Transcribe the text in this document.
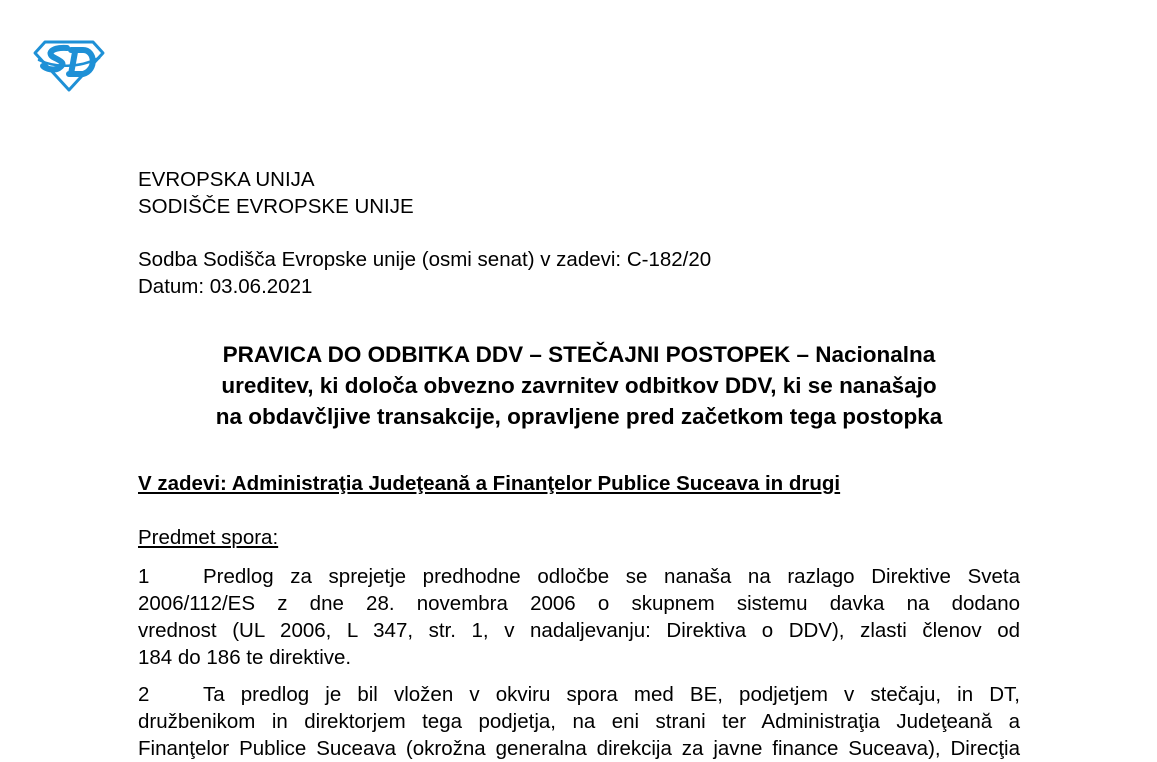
EVROPSKA UNIJA
SODIŠČE EVROPSKE UNIJE
Sodba Sodišča Evropske unije (osmi senat) v zadevi: C-182/20
Datum: 03.06.2021
PRAVICA DO ODBITKA DDV – STEČAJNI POSTOPEK – Nacionalna
ureditev, ki določa obvezno zavrnitev odbitkov DDV, ki se nanašajo
na obdavčljive transakcije, opravljene pred začetkom tega postopka
V zadevi: Administraţia Judeţeană a Finanţelor Publice Suceava in drugi
Predmet spora:
1	Predlog za sprejetje predhodne odločbe se nanaša na razlago Direktive Sveta
2006/112/ES z dne 28. novembra 2006 o skupnem sistemu davka na dodano
vrednost (UL 2006, L 347, str. 1, v nadaljevanju: Direktiva o DDV), zlasti členov od
184 do 186 te direktive.
2	Ta predlog je bil vložen v okviru spora med BE, podjetjem v stečaju, in DT,
družbenikom in direktorjem tega podjetja, na eni strani ter Administraţia Judeţeană a
Finanţelor Publice Suceava (okrožna generalna direkcija za javne finance Suceava), Direcţia
